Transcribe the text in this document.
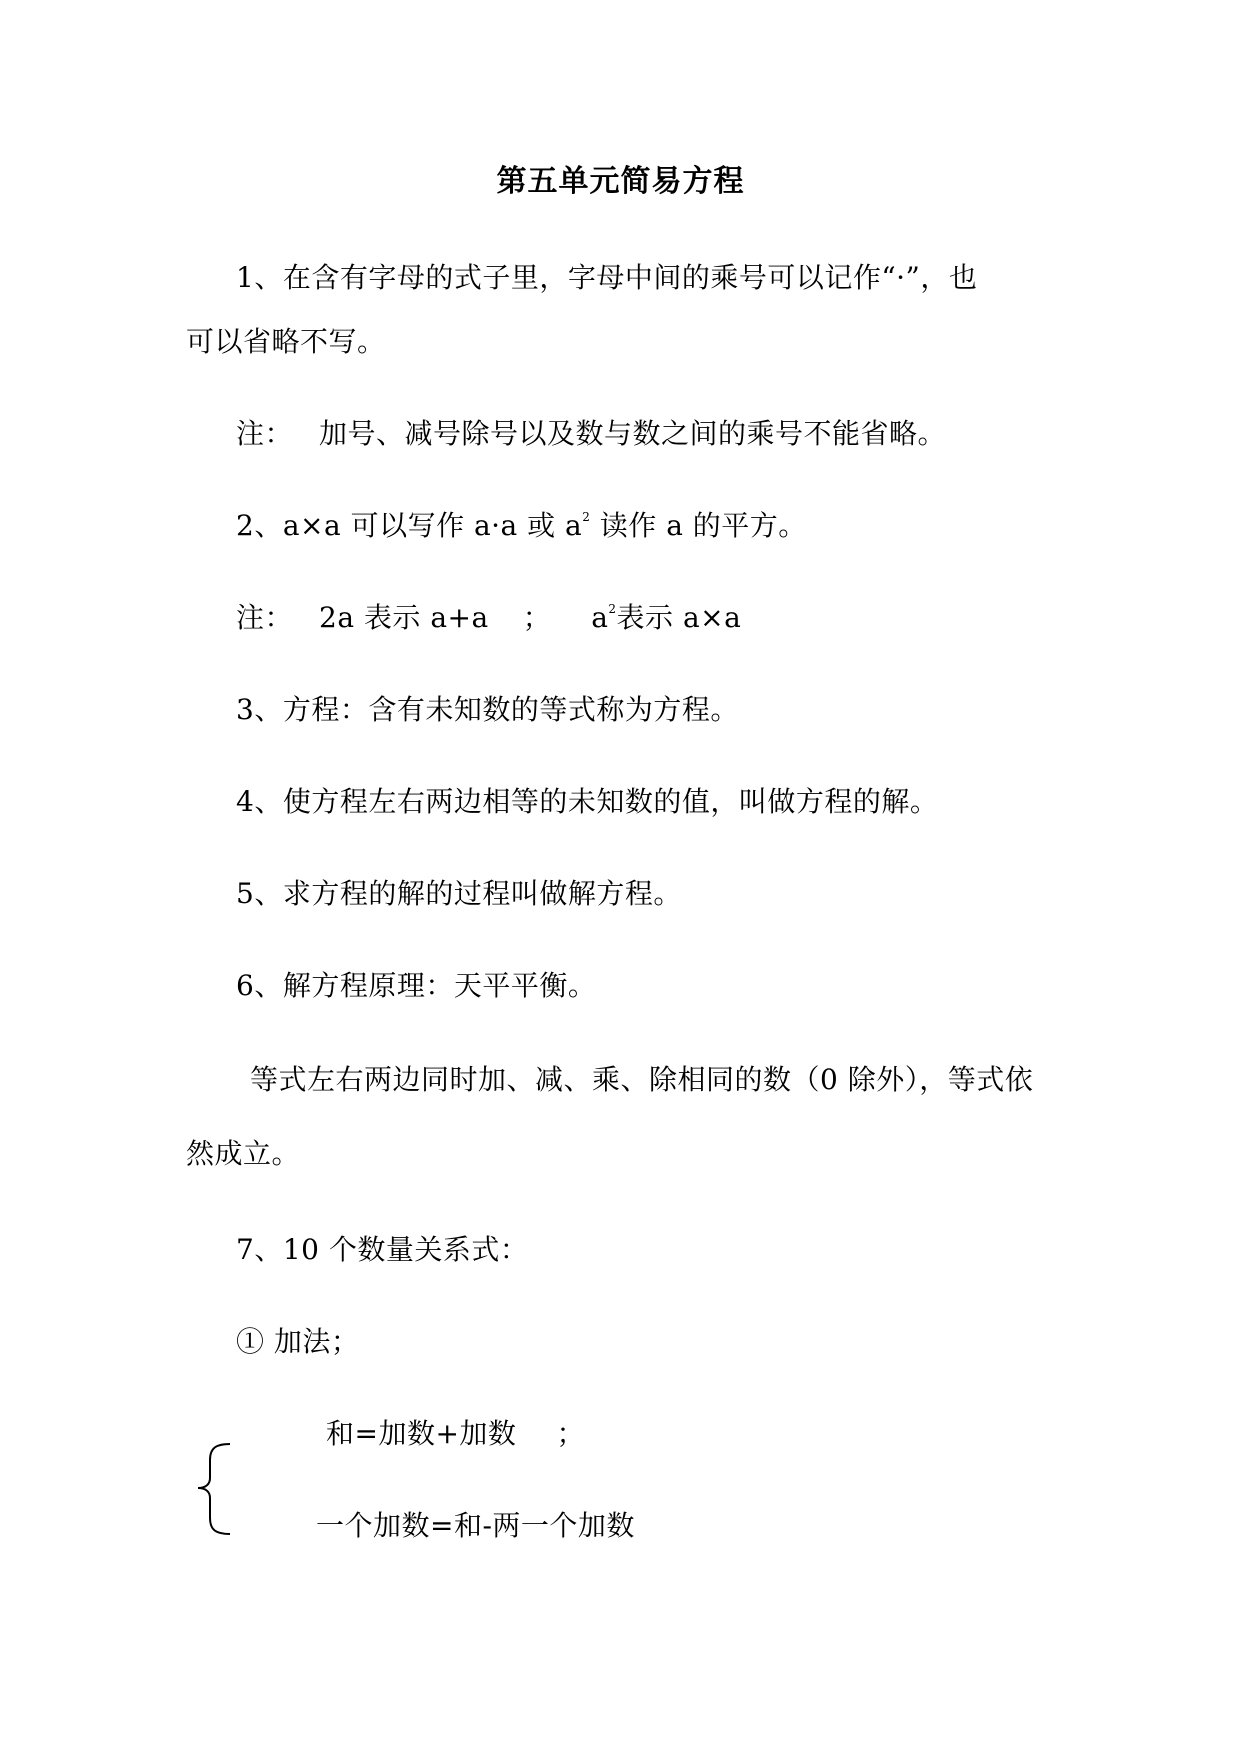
第五单元简易方程
1、在含有字母的式子里，字母中间的乘号可以记作“·”，也
可以省略不写。
注： 加号、减号除号以及数与数之间的乘号不能省略。
2、a×a 可以写作 a·a 或 $a^2$ 读作 a 的平方。
注： 2a 表示 a+a ； $a^2$表示 a×a
3、方程：含有未知数的等式称为方程。
4、使方程左右两边相等的未知数的值，叫做方程的解。
5、求方程的解的过程叫做解方程。
6、解方程原理：天平平衡。
等式左右两边同时加、减、乘、除相同的数（0 除外），等式依
然成立。
7、10 个数量关系式：
① 加法；
和=加数+加数 ；
一个加数=和-两一个加数
